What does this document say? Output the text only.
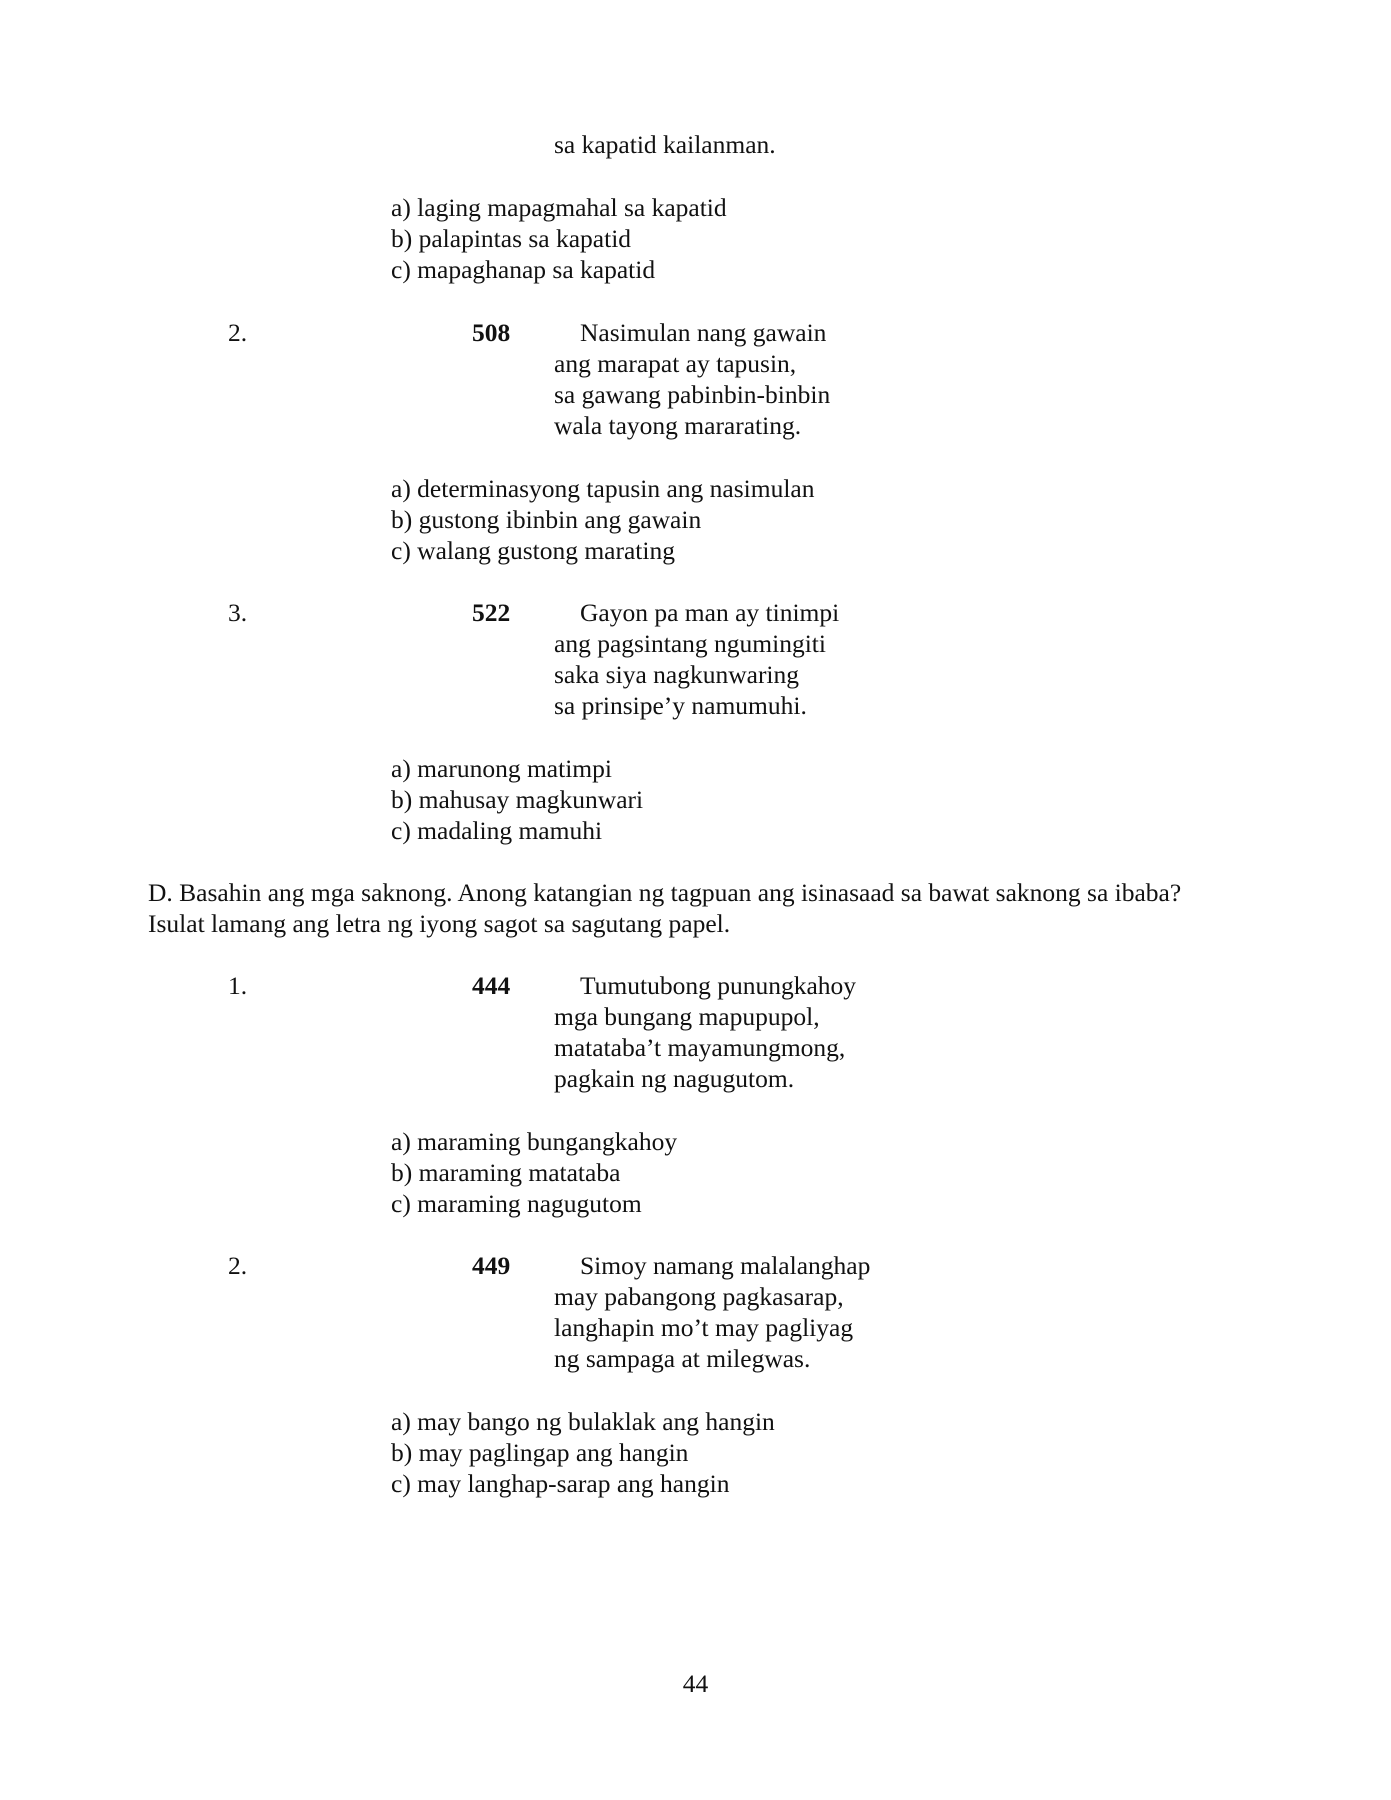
sa kapatid kailanman.
a) laging mapagmahal sa kapatid
b) palapintas sa kapatid
c) mapaghanap sa kapatid
2.	508	Nasimulan nang gawain
ang marapat ay tapusin,
sa gawang pabinbin-binbin
wala tayong mararating.
a) determinasyong tapusin ang nasimulan
b) gustong ibinbin ang gawain
c) walang gustong marating
3.	522	Gayon pa man ay tinimpi
ang pagsintang ngumingiti
saka siya nagkunwaring
sa prinsipe’y namumuhi.
a) marunong matimpi
b) mahusay magkunwari
c) madaling mamuhi
D. Basahin ang mga saknong. Anong katangian ng tagpuan ang isinasaad sa bawat saknong sa ibaba?
Isulat lamang ang letra ng iyong sagot sa sagutang papel.
1.	444	Tumutubong punungkahoy
mga bungang mapupupol,
matataba’t mayamungmong,
pagkain ng nagugutom.
a) maraming bungangkahoy
b) maraming matataba
c) maraming nagugutom
2.	449	Simoy namang malalanghap
may pabangong pagkasarap,
langhapin mo’t may pagliyag
ng sampaga at milegwas.
a) may bango ng bulaklak ang hangin
b) may paglingap ang hangin
c) may langhap-sarap ang hangin
44
